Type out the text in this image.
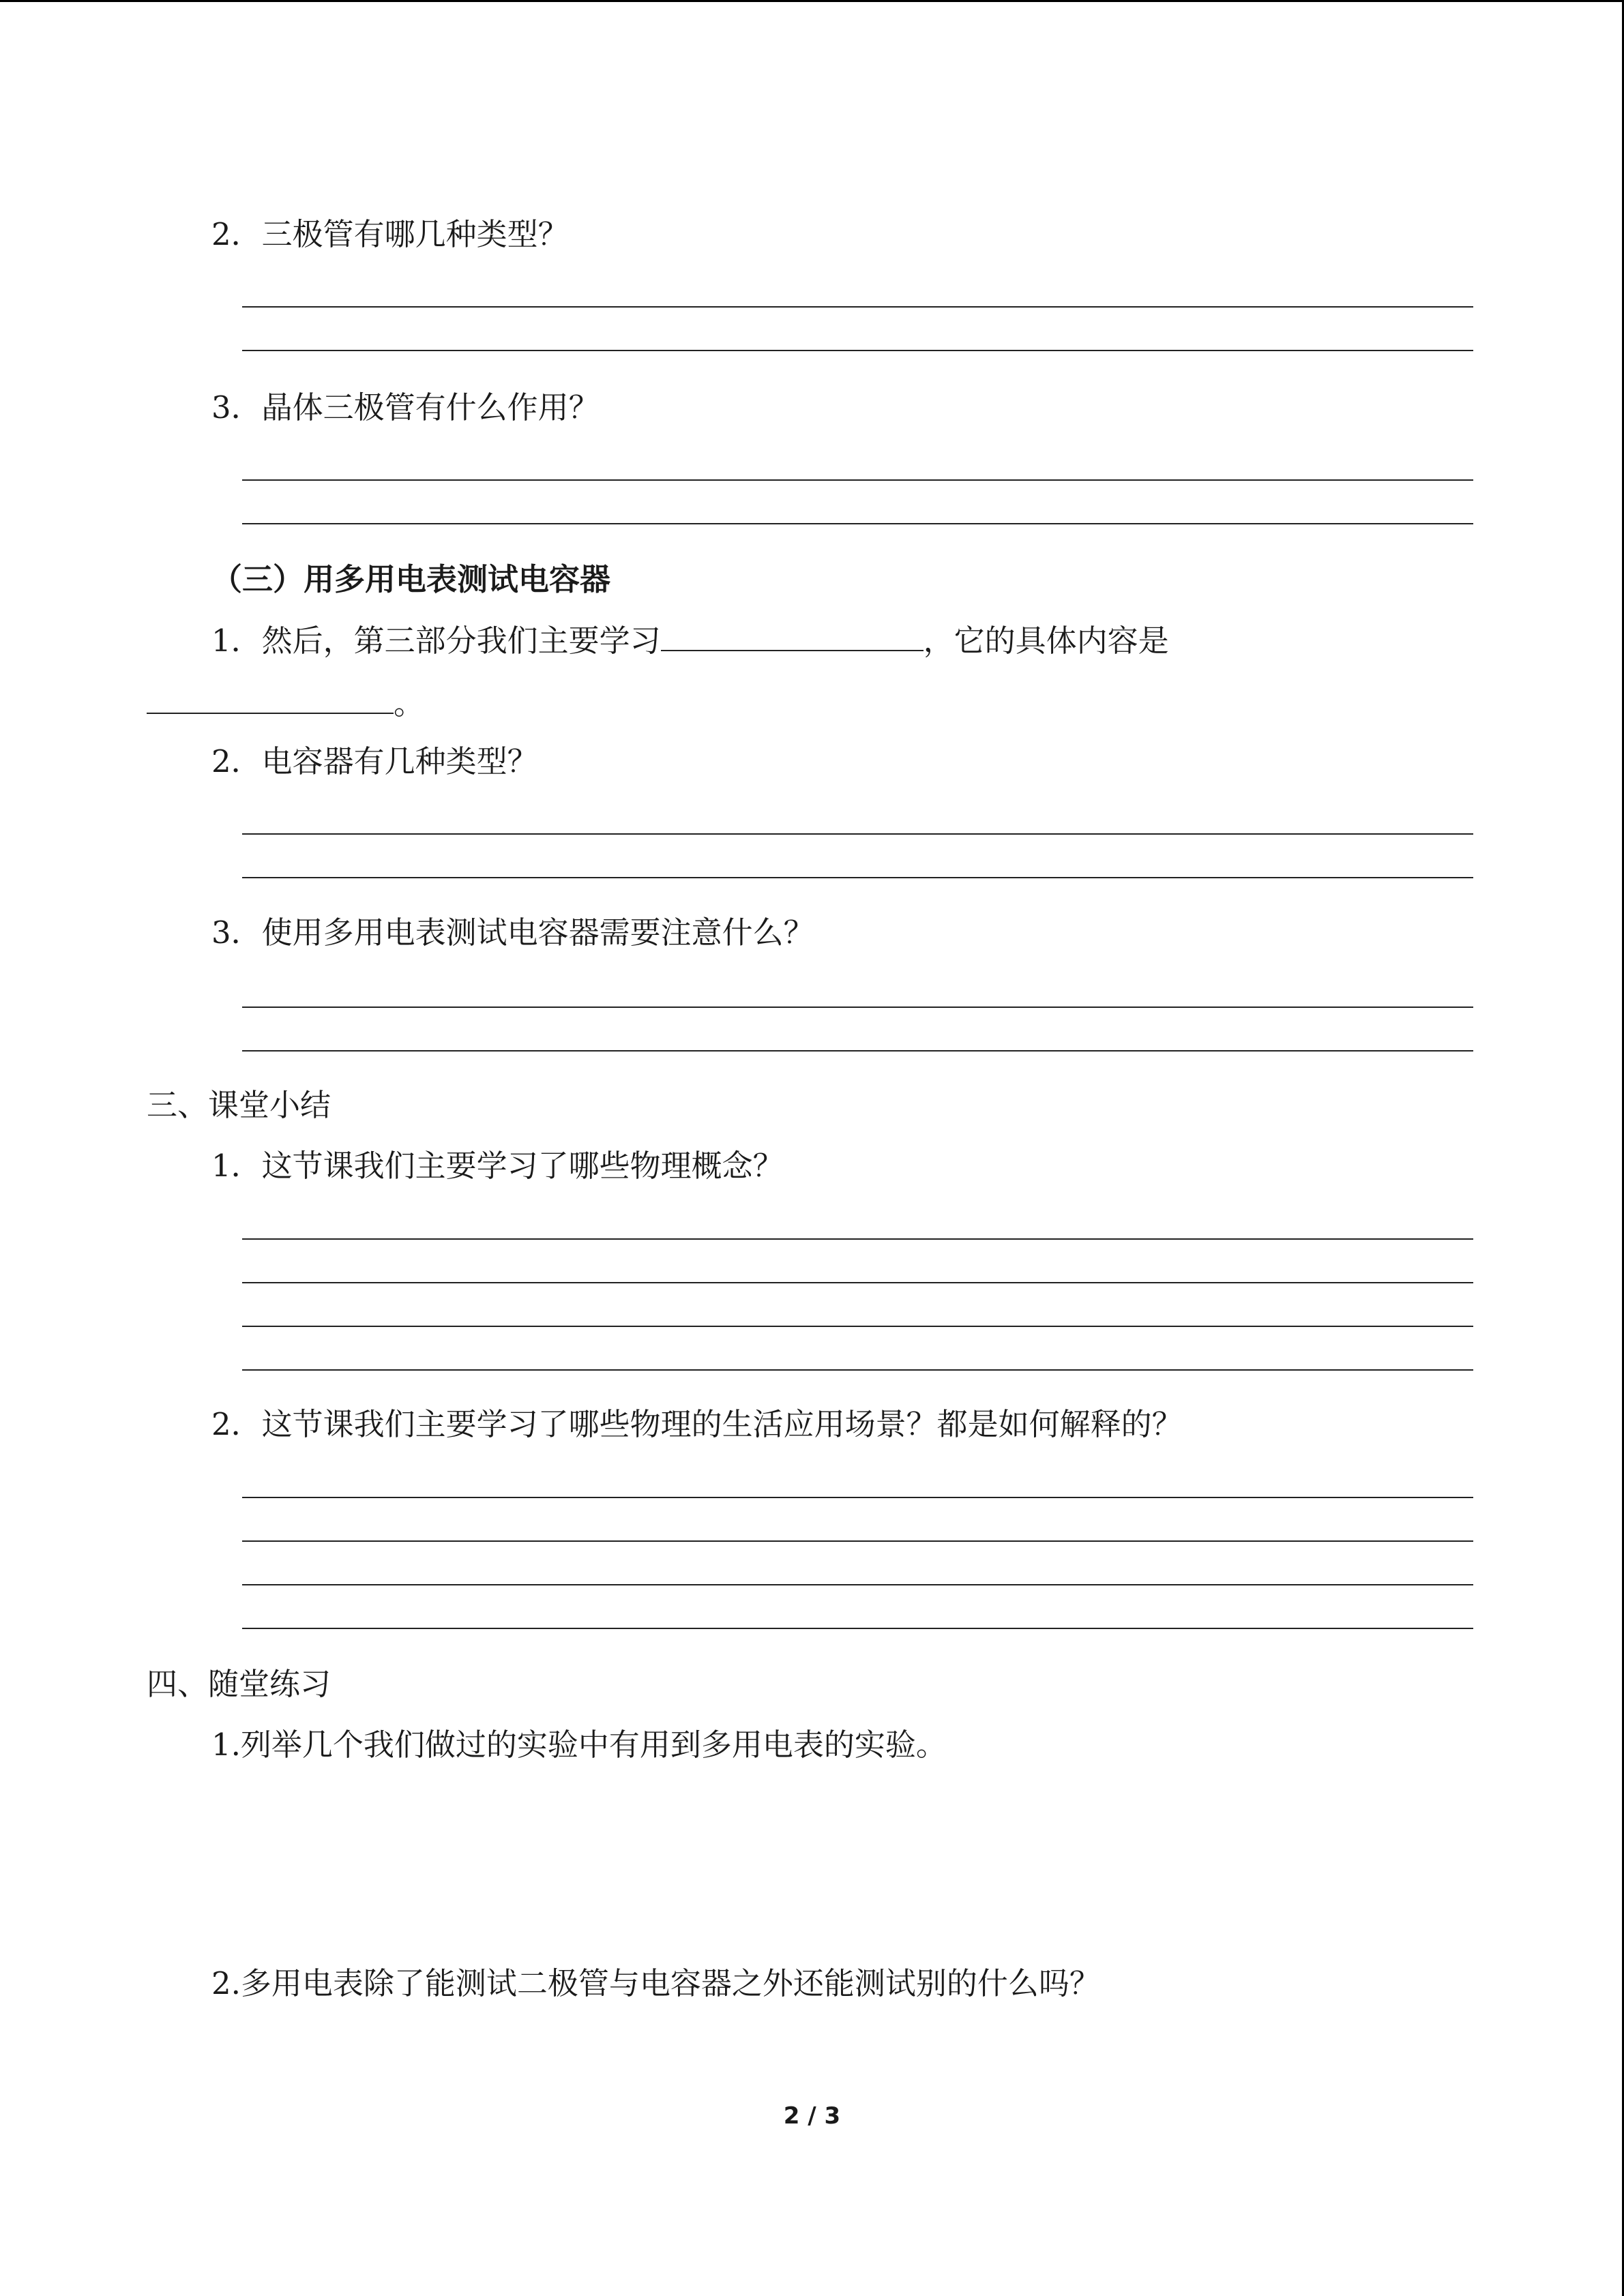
2．三极管有哪几种类型？

3．晶体三极管有什么作用？

（三）用多用电表测试电容器

1．然后，第三部分我们主要学习	，它的具体内容是

。

2．电容器有几种类型？

3．使用多用电表测试电容器需要注意什么？

三、课堂小结

1．这节课我们主要学习了哪些物理概念？

2．这节课我们主要学习了哪些物理的生活应用场景？都是如何解释的？

四、随堂练习

1.列举几个我们做过的实验中有用到多用电表的实验。

2.多用电表除了能测试二极管与电容器之外还能测试别的什么吗？

2 / 3
